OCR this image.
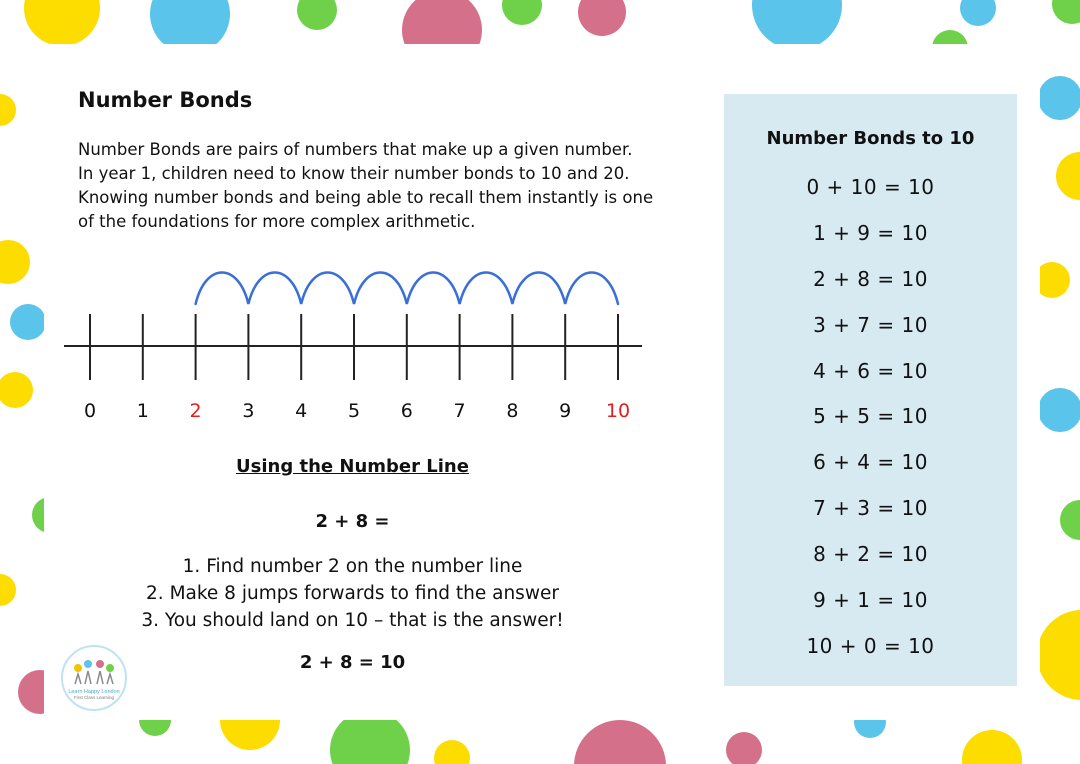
Number Bonds
Number Bonds are pairs of numbers that make up a given number.
In year 1, children need to know their number bonds to 10 and 20.
Knowing number bonds and being able to recall them instantly is one
of the foundations for more complex arithmetic.
0 1 2 3 4 5 6 7 8 9 10
Using the Number Line
2 + 8 =
1. Find number 2 on the number line
2. Make 8 jumps forwards to find the answer
3. You should land on 10 – that is the answer!
2 + 8 = 10
Learn Happy London
First Class Learning
Number Bonds to 10
0 + 10 = 10
1 + 9 = 10
2 + 8 = 10
3 + 7 = 10
4 + 6 = 10
5 + 5 = 10
6 + 4 = 10
7 + 3 = 10
8 + 2 = 10
9 + 1 = 10
10 + 0 = 10
